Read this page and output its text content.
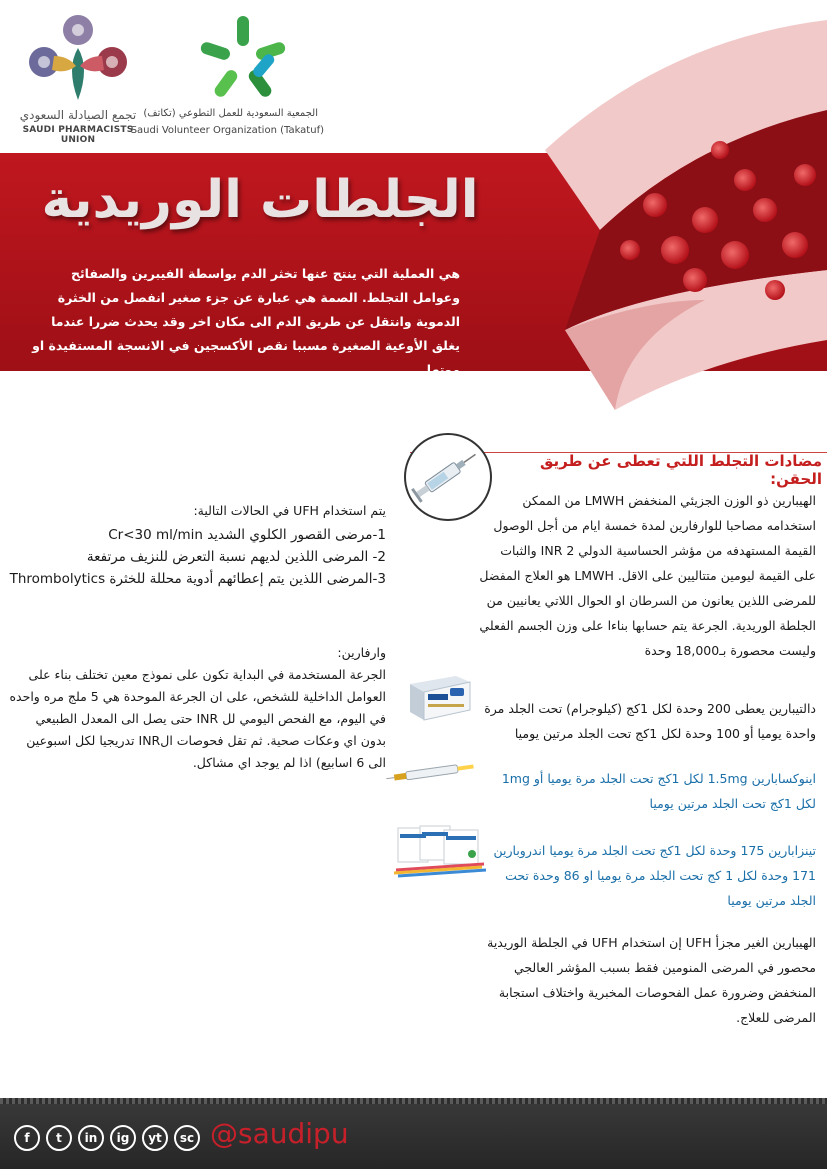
تجمع الصيادلة السعودي
SAUDI PHARMACISTS UNION
الجمعية السعودية للعمل التطوعي (تكاتف)
Saudi Volunteer Organization (Takatuf)
الجلطات الوريدية
هي العملية التي ينتج عنها تخثر الدم بواسطة الفيبرين والصفائح وعوامل التجلط. الصمة هي عبارة عن جزء صغير انفصل من الخثرة الدموية وانتقل عن طريق الدم الى مكان اخر وقد يحدث ضررا عندما يغلق الأوعية الصغيرة مسببا نقص الأكسجين في الانسجة المستفيدة او موتها.
مضادات التجلط اللتي تعطى عن طريق الحقن:
الهيبارين ذو الوزن الجزيئي المنخفض LMWH من الممكن استخدامه مصاحبا للوارفارين لمدة خمسة ايام من أجل الوصول القيمة المستهدفه من مؤشر الحساسية الدولي INR 2 والثبات على القيمة ليومين متتاليين على الاقل. LMWH هو العلاج المفضل للمرضى اللذين يعانون من السرطان او الحوال اللاتي يعانيين من الجلطة الوريدية. الجرعة يتم حسابها بناءا على وزن الجسم الفعلي وليست محصورة بـ18,000 وحدة
دالتيبارين يعطى 200 وحدة لكل 1كج (كيلوجرام) تحت الجلد مرة واحدة يوميا أو 100 وحدة لكل 1كج تحت الجلد مرتين يوميا
اينوكسابارين 1.5mg لكل 1كج تحت الجلد مرة يوميا أو 1mg لكل 1كج تحت الجلد مرتين يوميا
تينزابارين 175 وحدة لكل 1كج تحت الجلد مرة يوميا اندروبارين 171 وحدة لكل 1 كج تحت الجلد مرة يوميا او 86 وحدة تحت الجلد مرتين يوميا
الهيبارين الغير مجزأ UFH إن استخدام UFH في الجلطة الوريدية محصور في المرضى المنومين فقط بسبب المؤشر العالجي المنخفض وضرورة عمل الفحوصات المخبرية واختلاف استجابة المرضى للعلاج.
يتم استخدام UFH في الحالات التالية:
1-مرضى القصور الكلوي الشديد Cr<30 ml/min
2- المرضى اللذين لديهم نسبة التعرض للنزيف مرتفعة
3-المرضى اللذين يتم إعطائهم أدوية محللة للخثرة Thrombolytics
وارفارين:
الجرعة المستخدمة في البداية تكون على نموذج معين تختلف بناء على العوامل الداخلية للشخص، على ان الجرعة الموحدة هي 5 ملج مره واحده في اليوم، مع الفحص اليومي لل INR حتى يصل الى المعدل الطبيعي بدون اي وعكات صحية. ثم تقل فحوصات الINR تدريجيا لكل اسبوعين الى 6 اسابيع) اذا لم يوجد اي مشاكل.
f	t	in	ig	yt	sc @saudipu
